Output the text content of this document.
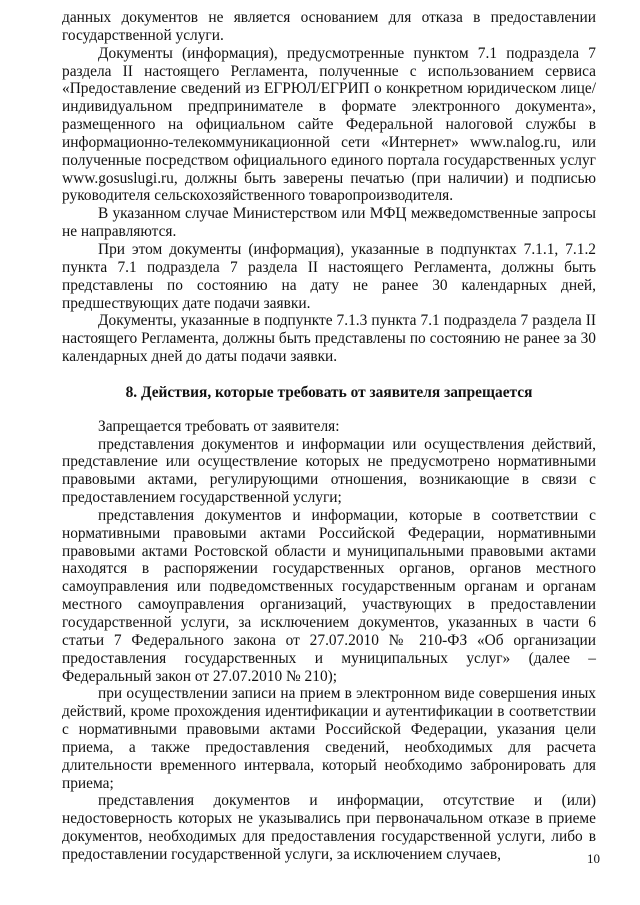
данных документов не является основанием для отказа в предоставлении государственной услуги.

Документы (информация), предусмотренные пунктом 7.1 подраздела 7 раздела II настоящего Регламента, полученные с использованием сервиса «Предоставление сведений из ЕГРЮЛ/ЕГРИП о конкретном юридическом лице/индивидуальном предпринимателе в формате электронного документа», размещенного на официальном сайте Федеральной налоговой службы в информационно-телекоммуникационной сети «Интернет» www.nalog.ru, или полученные посредством официального единого портала государственных услуг www.gosuslugi.ru, должны быть заверены печатью (при наличии) и подписью руководителя сельскохозяйственного товаропроизводителя.

В указанном случае Министерством или МФЦ межведомственные запросы не направляются.

При этом документы (информация), указанные в подпунктах 7.1.1, 7.1.2 пункта 7.1 подраздела 7 раздела II настоящего Регламента, должны быть представлены по состоянию на дату не ранее 30 календарных дней, предшествующих дате подачи заявки.

Документы, указанные в подпункте 7.1.3 пункта 7.1 подраздела 7 раздела II настоящего Регламента, должны быть представлены по состоянию не ранее за 30 календарных дней до даты подачи заявки.

8. Действия, которые требовать от заявителя запрещается

Запрещается требовать от заявителя:

представления документов и информации или осуществления действий, представление или осуществление которых не предусмотрено нормативными правовыми актами, регулирующими отношения, возникающие в связи с предоставлением государственной услуги;

представления документов и информации, которые в соответствии с нормативными правовыми актами Российской Федерации, нормативными правовыми актами Ростовской области и муниципальными правовыми актами находятся в распоряжении государственных органов, органов местного самоуправления или подведомственных государственным органам и органам местного самоуправления организаций, участвующих в предоставлении государственной услуги, за исключением документов, указанных в части 6 статьи 7 Федерального закона от 27.07.2010 № 210-ФЗ «Об организации предоставления государственных и муниципальных услуг» (далее – Федеральный закон от 27.07.2010 № 210);

при осуществлении записи на прием в электронном виде совершения иных действий, кроме прохождения идентификации и аутентификации в соответствии с нормативными правовыми актами Российской Федерации, указания цели приема, а также предоставления сведений, необходимых для расчета длительности временного интервала, который необходимо забронировать для приема;

представления документов и информации, отсутствие и (или) недостоверность которых не указывались при первоначальном отказе в приеме документов, необходимых для предоставления государственной услуги, либо в предоставлении государственной услуги, за исключением случаев,	10
